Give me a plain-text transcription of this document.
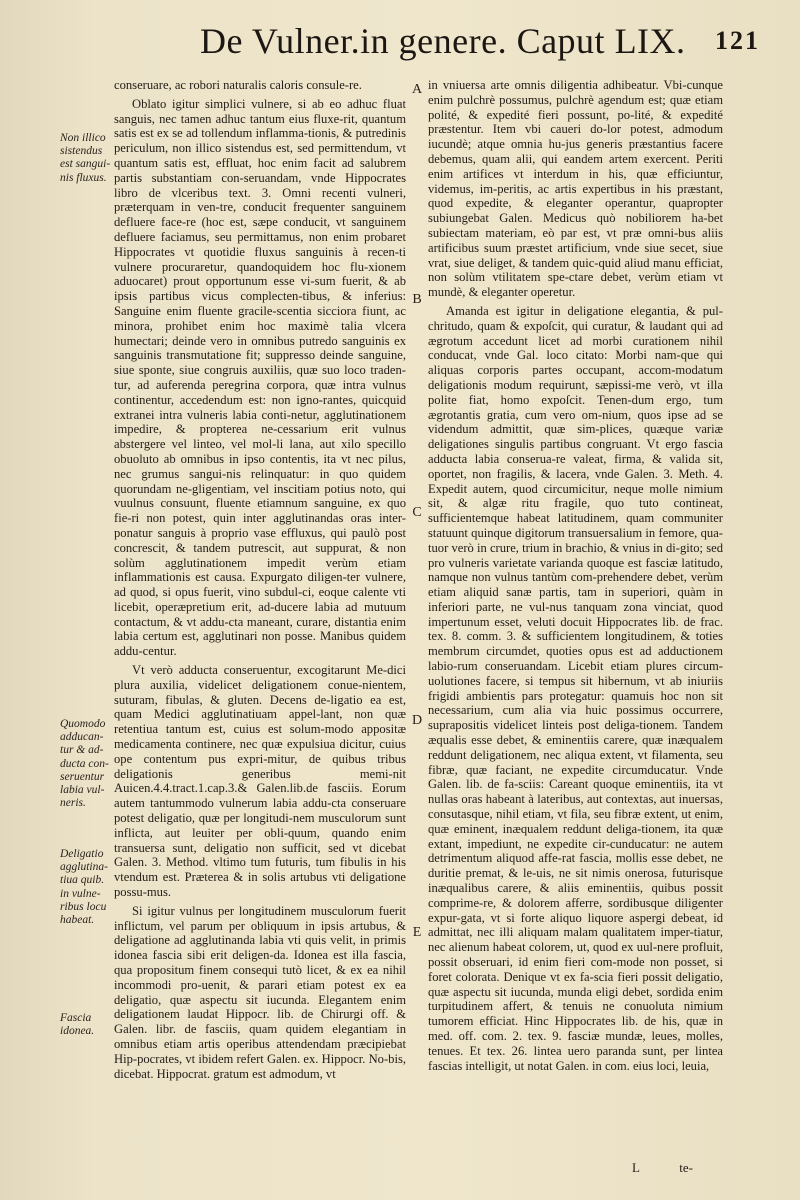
De Vulner.in genere. Caput LIX. 121

conseruare, ac robori naturalis caloris consule-re.

Oblato igitur simplici vulnere, si ab eo adhuc fluat sanguis, nec tamen adhuc tantum eius fluxe-rit, quantum satis est ex se ad tollendum inflamma-tionis, & putredinis periculum, non illico sistendus est, sed permittendum, vt quantum satis est, effluat, hoc enim facit ad salubrem partis substantiam con-seruandam, vnde Hippocrates libro de vlceribus text. 3. Omni recenti vulneri, præterquam in ven-tre, conducit frequenter sanguinem defluere face-re (hoc est, sæpe conducit, vt sanguinem defluere faciamus, seu permittamus, non enim probaret Hippocrates vt quotidie fluxus sanguinis à recen-ti vulnere procuraretur, quandoquidem hoc flu-xionem aduocaret) prout opportunum esse vi-sum fuerit, & ab ipsis partibus vicus complecten-tibus, & inferius: Sanguine enim fluente gracile-scentia sicciora fiunt, ac minora, prohibet enim hoc maximè talia vlcera humectari; deinde vero in omnibus putredo sanguinis ex sanguinis transmutatione fit; suppresso deinde sanguine, siue sponte, siue congruis auxiliis, quæ suo loco traden-tur, ad auferenda peregrina corpora, quæ intra vulnus continentur, accedendum est: non igno-rantes, quicquid extranei intra vulneris labia conti-netur, agglutinationem impedire, & propterea ne-cessarium erit vulnus abstergere vel linteo, vel mol-li lana, aut xilo specillo obuoluto ab omnibus in ipso contentis, ita vt nec pilus, nec grumus sangui-nis relinquatur: in quo quidem quorundam ne-gligentiam, vel inscitiam potius noto, qui vuulnus consuunt, fluente etiamnum sanguine, ex quo fie-ri non potest, quin inter agglutinandas oras inter-ponatur sanguis à proprio vase effluxus, qui paulò post concrescit, & tandem putrescit, aut suppurat, & non solùm agglutinationem impedit verùm etiam inflammationis est causa. Expurgato diligen-ter vulnere, ad quod, si opus fuerit, vino subdul-ci, eoque calente vti licebit, operæpretium erit, ad-ducere labia ad mutuum contactum, & vt addu-cta maneant, curare, distantia enim labia certum est, agglutinari non posse. Manibus quidem addu-centur.

Vt verò adducta conseruentur, excogitarunt Me-dici plura auxilia, videlicet deligationem conue-nientem, suturam, fibulas, & gluten. Decens de-ligatio ea est, quam Medici agglutinatiuam appel-lant, non quæ retentiua tantum est, cuius est solum-modo appositæ medicamenta continere, nec quæ expulsiua dicitur, cuius ope contentum pus expri-mitur, de quibus tribus deligationis generibus memi-nit Auicen.4.4.tract.1.cap.3.& Galen.lib.de fasciis. Eorum autem tantummodo vulnerum labia addu-cta conseruare potest deligatio, quæ per longitudi-nem musculorum sunt inflicta, aut leuiter per obli-quum, quando enim transuersa sunt, deligatio non sufficit, sed vt dicebat Galen. 3. Method. vltimo tum futuris, tum fibulis in his vtendum est. Præterea & in solis artubus vti deligatione possu-mus.

Si igitur vulnus per longitudinem musculorum fuerit inflictum, vel parum per obliquum in ipsis artubus, & deligatione ad agglutinanda labia vti quis velit, in primis idonea fascia sibi erit deligen-da. Idonea est illa fascia, qua propositum finem consequi tutò licet, & ex ea nihil incommodi pro-uenit, & parari etiam potest ex ea deligatio, quæ aspectu sit iucunda. Elegantem enim deligationem laudat Hippocr. lib. de Chirurgi off. & Galen. libr. de fasciis, quam quidem elegantiam in omnibus etiam artis operibus attendendam præcipiebat Hip-pocrates, vt ibidem refert Galen. ex. Hippocr. No-bis, dicebat. Hippocrat. gratum est admodum, vt

in vniuersa arte omnis diligentia adhibeatur. Vbi-cunque enim pulchrè possumus, pulchrè agendum est; quæ etiam polité, & expedité fieri possunt, po-lité, & expedité præstentur. Item vbi caueri do-lor potest, admodum iucundè; atque omnia hu-jus generis præstantius facere debemus, quam alii, qui eandem artem exercent. Periti enim artifices vt interdum in his, quæ efficiuntur, videmus, im-peritis, ac artis expertibus in his præstant, quod expedite, & eleganter operantur, quapropter subiungebat Galen. Medicus quò nobiliorem ha-bet subiectam materiam, eò par est, vt præ omni-bus aliis artificibus suum præstet artificium, vnde siue secet, siue vrat, siue deliget, & tandem quic-quid aliud manu efficiat, non solùm vtilitatem spe-ctare debet, verùm etiam vt mundè, & eleganter operetur.

Amanda est igitur in deligatione elegantia, & pul-chritudo, quam & expoſcit, qui curatur, & laudant qui ad ægrotum accedunt licet ad morbi curationem nihil conducat, vnde Gal. loco citato: Morbi nam-que qui aliquas corporis partes occupant, accom-modatum deligationis modum requirunt, sæpissi-me verò, vt illa polite fiat, homo expoſcit. Tenen-dum ergo, tum ægrotantis gratia, cum vero om-nium, quos ipse ad se videndum admittit, quæ sim-plices, quæque variæ deligationes singulis partibus congruant. Vt ergo fascia adducta labia conserua-re valeat, firma, & valida sit, oportet, non fragilis, & lacera, vnde Galen. 3. Meth. 4. Expedit autem, quod circumicitur, neque molle nimium sit, & algæ ritu fragile, quo tuto contineat, sufficientemque habeat latitudinem, quam communiter statuunt quinque digitorum transuersalium in femore, qua-tuor verò in crure, trium in brachio, & vnius in di-gito; sed pro vulneris varietate varianda quoque est fasciæ latitudo, namque non vulnus tantùm com-prehendere debet, verùm etiam aliquid sanæ partis, tam in superiori, quàm in inferiori parte, ne vul-nus tanquam zona vinciat, quod impertunum esset, veluti docuit Hippocrates lib. de frac. tex. 8. comm. 3. & sufficientem longitudinem, & toties membrum circumdet, quoties opus est ad adductionem labio-rum conseruandam. Licebit etiam plures circum-uolutiones facere, si tempus sit hibernum, vt ab iniuriis frigidi ambientis pars protegatur: quamuis hoc non sit necessarium, cum alia via huic possimus occurrere, suprapositis videlicet linteis post deliga-tionem. Tandem æqualis esse debet, & eminentiis carere, quæ inæqualem reddunt deligationem, nec aliqua extent, vt filamenta, seu fibræ, quæ faciant, ne expedite circumducatur. Vnde Galen. lib. de fa-sciis: Careant quoque eminentiis, ita vt nullas oras habeant à lateribus, aut contextas, aut inuersas, consutasque, nihil etiam, vt fila, seu fibræ extent, ut enim, quæ eminent, inæqualem reddunt deliga-tionem, ita quæ extant, impediunt, ne expedite cir-cunducatur: ne autem detrimentum aliquod affe-rat fascia, mollis esse debet, ne duritie premat, & le-uis, ne sit nimis onerosa, futurisque inæqualibus carere, & aliis eminentiis, quibus possit comprime-re, & dolorem afferre, sordibusque diligenter expur-gata, vt si forte aliquo liquore aspergi debeat, id admittat, nec illi aliquam malam qualitatem imper-tiatur, nec alienum habeat colorem, ut, quod ex uul-nere profluit, possit obseruari, id enim fieri com-mode non posset, si foret colorata. Denique vt ex fa-scia fieri possit deligatio, quæ aspectu sit iucunda, munda eligi debet, sordida enim turpitudinem affert, & tenuis ne conuoluta nimium tumorem efficiat. Hinc Hippocrates lib. de his, quæ in med. off. com. 2. tex. 9. fasciæ mundæ, leues, molles, tenues. Et tex. 26. lintea uero paranda sunt, per lintea fascias intelligit, ut notat Galen. in com. eius loci, leuia,

Non illico sistendus est sangui-nis fluxus.
Quomodo adducan-tur & ad-ducta con-seruentur labia vul-neris.
Deligatio agglutina-tiua quib. in vulne-ribus locu habeat.
Fascia idonea.
A
B
C
D
E
L	te-
